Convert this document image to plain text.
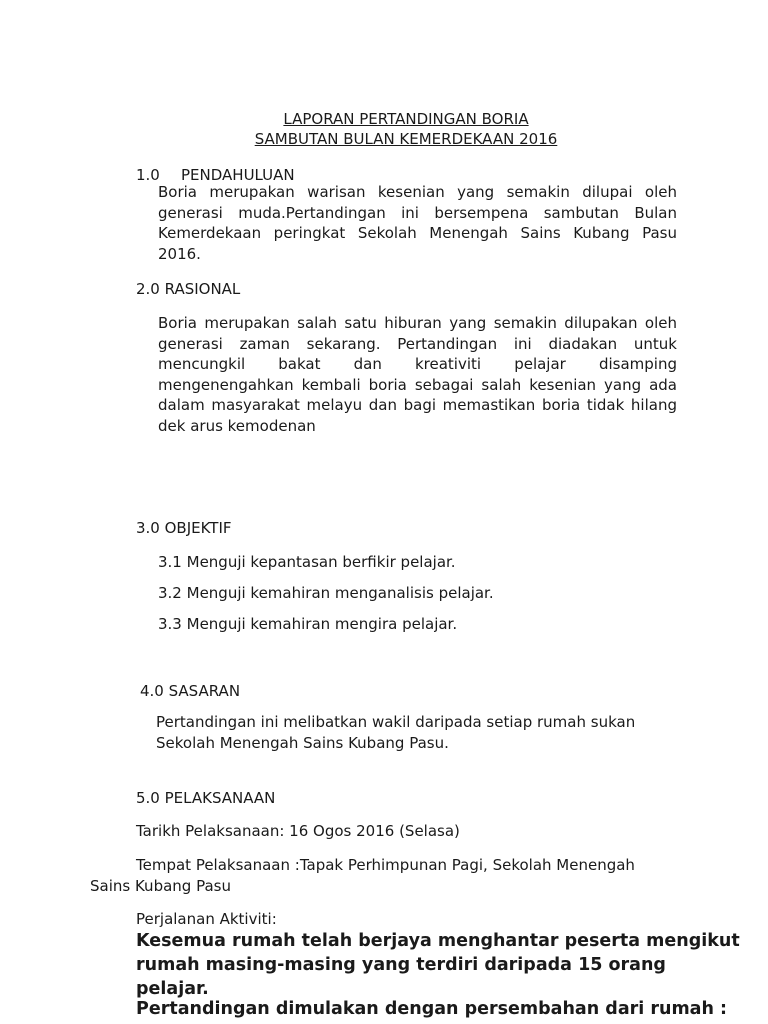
LAPORAN PERTANDINGAN BORIA
SAMBUTAN BULAN KEMERDEKAAN 2016
1.0 PENDAHULUAN
Boria merupakan warisan kesenian yang semakin dilupai oleh
generasi muda.Pertandingan ini bersempena sambutan Bulan
Kemerdekaan peringkat Sekolah Menengah Sains Kubang Pasu
2016.
2.0 RASIONAL
Boria merupakan salah satu hiburan yang semakin dilupakan oleh
generasi zaman sekarang. Pertandingan ini diadakan untuk
mencungkil bakat dan kreativiti pelajar disamping
mengenengahkan kembali boria sebagai salah kesenian yang ada
dalam masyarakat melayu dan bagi memastikan boria tidak hilang
dek arus kemodenan
3.0 OBJEKTIF
3.1 Menguji kepantasan berfikir pelajar.
3.2 Menguji kemahiran menganalisis pelajar.
3.3 Menguji kemahiran mengira pelajar.
4.0 SASARAN
Pertandingan ini melibatkan wakil daripada setiap rumah sukan
Sekolah Menengah Sains Kubang Pasu.
5.0 PELAKSANAAN
Tarikh Pelaksanaan: 16 Ogos 2016 (Selasa)
Tempat Pelaksanaan :Tapak Perhimpunan Pagi, Sekolah Menengah
Sains Kubang Pasu
Perjalanan Aktiviti:
Kesemua rumah telah berjaya menghantar peserta mengikut
rumah masing-masing yang terdiri daripada 15 orang
pelajar.
Pertandingan dimulakan dengan persembahan dari rumah :
